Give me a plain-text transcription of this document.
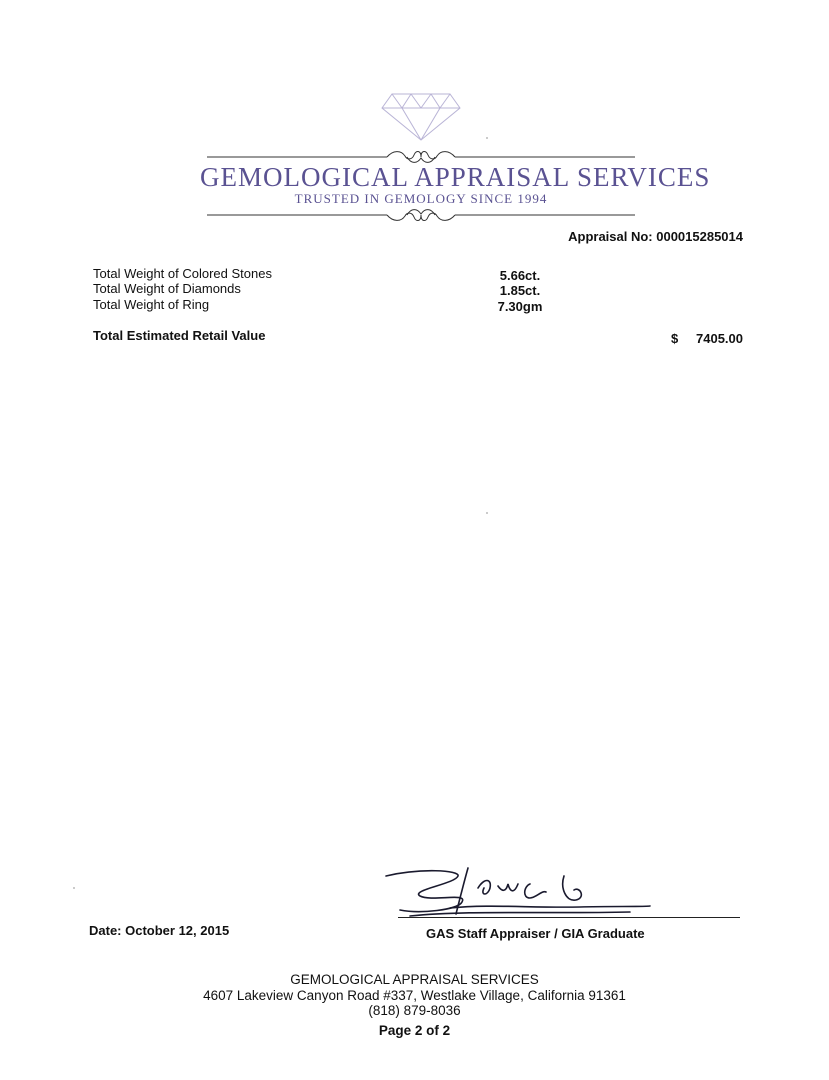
GEMOLOGICAL APPRAISAL SERVICES
TRUSTED IN GEMOLOGY SINCE 1994
Appraisal No: 000015285014
Total Weight of Colored Stones	5.66ct.
Total Weight of Diamonds	1.85ct.
Total Weight of Ring	7.30gm
Total Estimated Retail Value	$ 7405.00
Date: October 12, 2015	GAS Staff Appraiser / GIA Graduate
GEMOLOGICAL APPRAISAL SERVICES
4607 Lakeview Canyon Road #337, Westlake Village, California 91361
(818) 879-8036
Page 2 of 2
